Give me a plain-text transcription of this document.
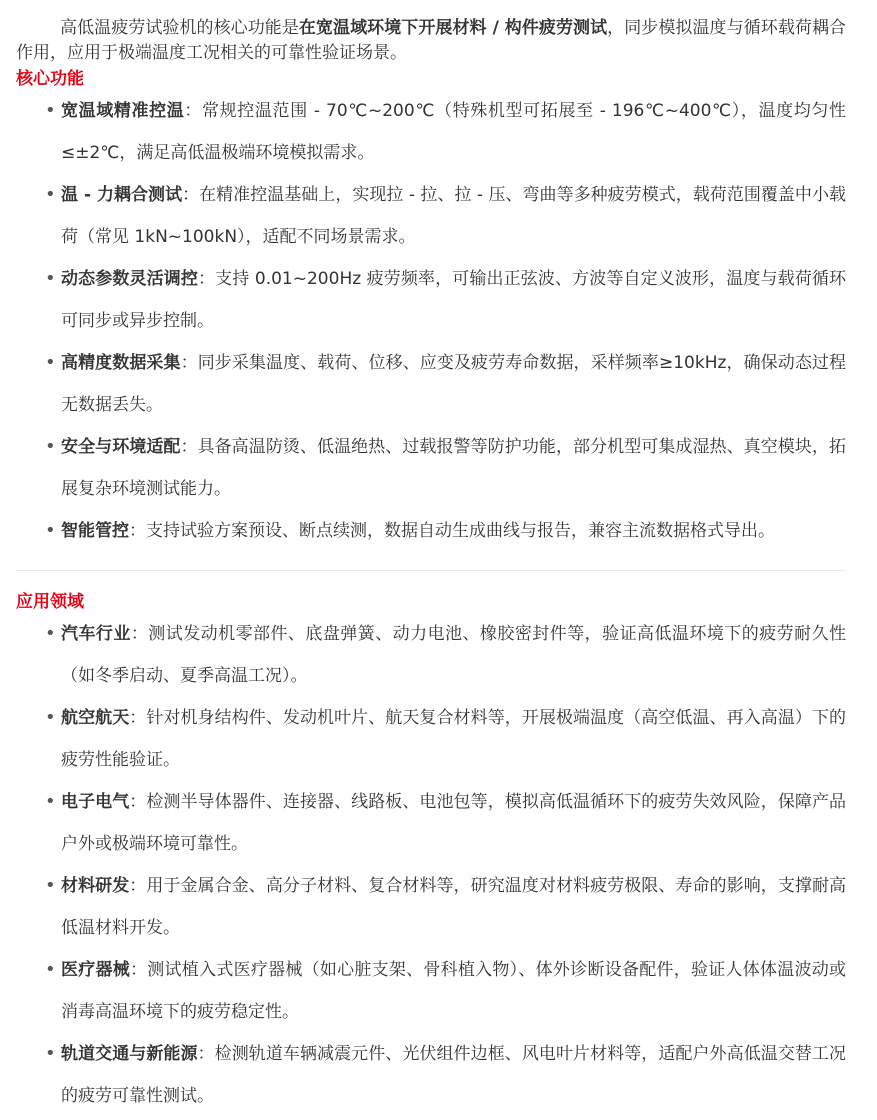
高低温疲劳试验机的核心功能是在宽温域环境下开展材料 / 构件疲劳测试，同步模拟温度与循环载荷耦合作用，应用于极端温度工况相关的可靠性验证场景。

核心功能
• 宽温域精准控温：常规控温范围 - 70℃~200℃（特殊机型可拓展至 - 196℃~400℃），温度均匀性≤±2℃，满足高低温极端环境模拟需求。
• 温 - 力耦合测试：在精准控温基础上，实现拉 - 拉、拉 - 压、弯曲等多种疲劳模式，载荷范围覆盖中小载荷（常见 1kN~100kN），适配不同场景需求。
• 动态参数灵活调控：支持 0.01~200Hz 疲劳频率，可输出正弦波、方波等自定义波形，温度与载荷循环可同步或异步控制。
• 高精度数据采集：同步采集温度、载荷、位移、应变及疲劳寿命数据，采样频率≥10kHz，确保动态过程无数据丢失。
• 安全与环境适配：具备高温防烫、低温绝热、过载报警等防护功能，部分机型可集成湿热、真空模块，拓展复杂环境测试能力。
• 智能管控：支持试验方案预设、断点续测，数据自动生成曲线与报告，兼容主流数据格式导出。
应用领域
• 汽车行业：测试发动机零部件、底盘弹簧、动力电池、橡胶密封件等，验证高低温环境下的疲劳耐久性（如冬季启动、夏季高温工况）。
• 航空航天：针对机身结构件、发动机叶片、航天复合材料等，开展极端温度（高空低温、再入高温）下的疲劳性能验证。
• 电子电气：检测半导体器件、连接器、线路板、电池包等，模拟高低温循环下的疲劳失效风险，保障产品户外或极端环境可靠性。
• 材料研发：用于金属合金、高分子材料、复合材料等，研究温度对材料疲劳极限、寿命的影响，支撑耐高低温材料开发。
• 医疗器械：测试植入式医疗器械（如心脏支架、骨科植入物）、体外诊断设备配件，验证人体体温波动或消毒高温环境下的疲劳稳定性。
• 轨道交通与新能源：检测轨道车辆减震元件、光伏组件边框、风电叶片材料等，适配户外高低温交替工况的疲劳可靠性测试。
